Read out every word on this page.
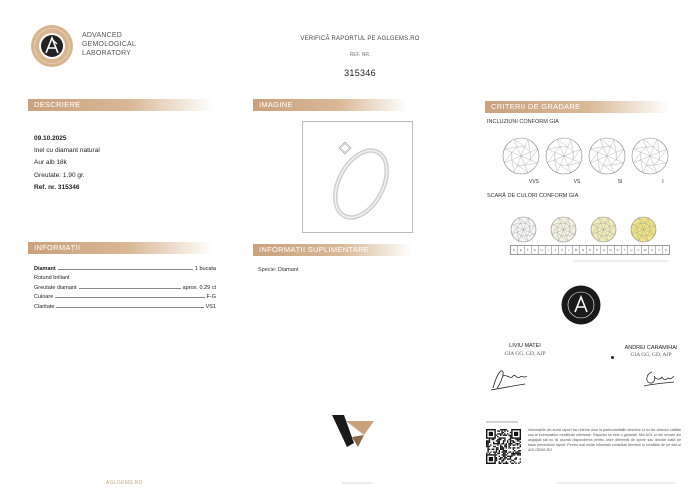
ADVANCED
GEMOLOGICAL
LABORATORY
VERIFICĂ RAPORTUL PE AGLGEMS.RO
REF. NR.
315346
DESCRIERE	IMAGINE	CRITERII DE GRADARE
INFORMAȚII	INFORMAȚII SUPLIMENTARE
09.10.2025
Inel cu diamant natural
Aur alb 18k
Greutate: 1.90 gr.
Ref. nr. 315346
Diamant	1 bucata
Rotund briliant
Greutate diamant	aprox. 0.29 ct
Culoare	F-G
Claritate	VS1
Specie: Diamant
INCLUZIUNI CONFORM GIA
VVS	VS	SI	I
SCARĂ DE CULORI CONFORM GIA
D	E	F	G	H	I	J	K	L	M	N	O	P	Q	R	S	T	U	V	W	X	Y	Z
LIVIU MATEI
GIA GG, GD, AJP
ANDREI CARAMIHAI
GIA GG, GD, AJP
Informațiile din acest raport fac referire doar la particularitățile descrise și nu fac obiectul calității sau al eventualelor modificări ulterioare. Raportul nu este o garanție. Nici AGL și nici oricare din angajații săi nu își asumă răspunderea pentru orice diferență de opinie sau decizie luată pe baza prezentului raport. Pentru mai multe informații consultați termenii și condițiile de pe site-ul AGLGEMS.RO.
AGLGEMS.RO
